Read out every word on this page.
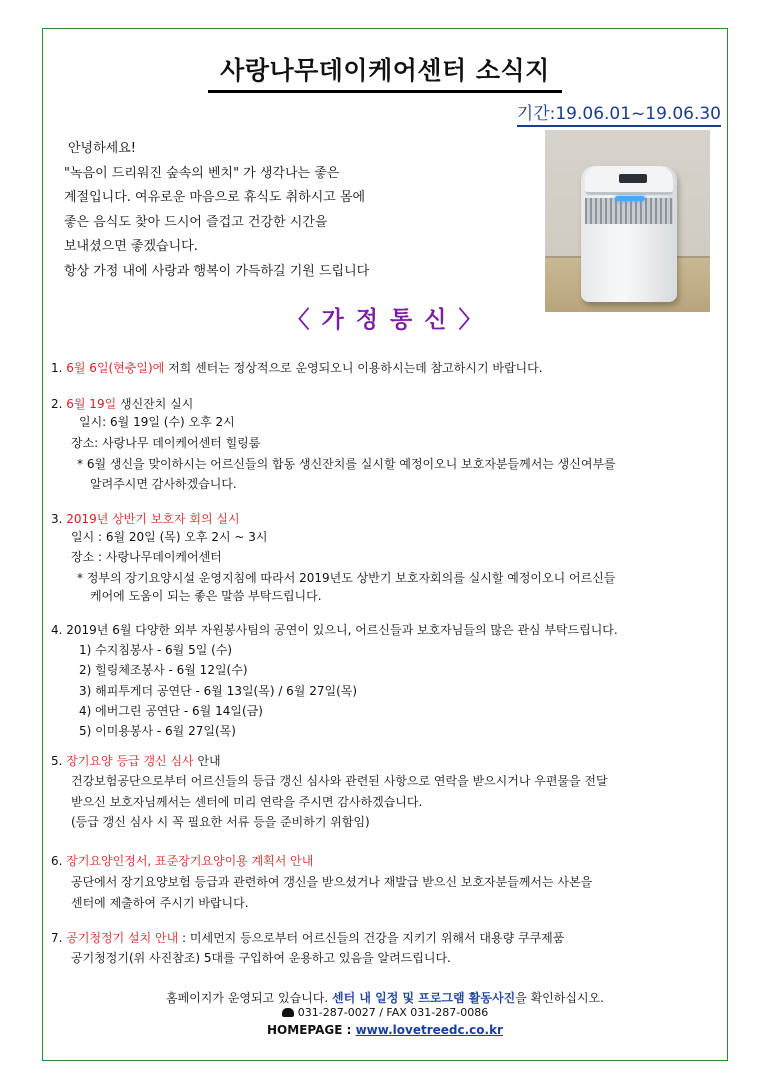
사랑나무데이케어센터 소식지
기간:19.06.01~19.06.30

안녕하세요!

"녹음이 드리워진 숲속의 벤치" 가 생각나는 좋은

계절입니다. 여유로운 마음으로 휴식도 취하시고 몸에

좋은 음식도 찾아 드시어 즐겁고 건강한 시간을

보내셨으면 좋겠습니다.

항상 가정 내에 사랑과 행복이 가득하길 기원 드립니다

〈 가 정 통 신 〉
1. 6월 6일(현충일)에 저희 센터는 정상적으로 운영되오니 이용하시는데 참고하시기 바랍니다.
2. 6월 19일 생신잔치 실시
일시: 6월 19일 (수) 오후 2시
장소: 사랑나무 데이케어센터 힐링룸
* 6월 생신을 맞이하시는 어르신들의 합동 생신잔치를 실시할 예정이오니 보호자분들께서는 생신여부를
알려주시면 감사하겠습니다.
3. 2019년 상반기 보호자 회의 실시
일시 : 6월 20일 (목) 오후 2시 ~ 3시
장소 : 사랑나무데이케어센터
* 정부의 장기요양시설 운영지침에 따라서 2019년도 상반기 보호자회의를 실시할 예정이오니 어르신들
케어에 도움이 되는 좋은 말씀 부탁드립니다.
4. 2019년 6월 다양한 외부 자원봉사팀의 공연이 있으니, 어르신들과 보호자님들의 많은 관심 부탁드립니다.
1) 수지침봉사 - 6월 5일 (수)
2) 힐링체조봉사 - 6월 12일(수)
3) 해피투게더 공연단 - 6월 13일(목) / 6월 27일(목)
4) 에버그린 공연단 - 6월 14일(금)
5) 이미용봉사 - 6월 27일(목)
5. 장기요양 등급 갱신 심사 안내
건강보험공단으로부터 어르신들의 등급 갱신 심사와 관련된 사항으로 연락을 받으시거나 우편물을 전달
받으신 보호자님께서는 센터에 미리 연락을 주시면 감사하겠습니다.
(등급 갱신 심사 시 꼭 필요한 서류 등을 준비하기 위함임)
6. 장기요양인정서, 표준장기요양이용 계획서 안내
공단에서 장기요양보험 등급과 관련하여 갱신을 받으셨거나 재발급 받으신 보호자분들께서는 사본을
센터에 제출하여 주시기 바랍니다.
7. 공기청정기 설치 안내 : 미세먼지 등으로부터 어르신들의 건강을 지키기 위해서 대용량 쿠쿠제품
공기청정기(위 사진참조) 5대를 구입하여 운용하고 있음을 알려드립니다.
홈페이지가 운영되고 있습니다. 센터 내 일정 및 프로그램 활동사진을 확인하십시오.
031-287-0027 / FAX 031-287-0086
HOMEPAGE : www.lovetreedc.co.kr
